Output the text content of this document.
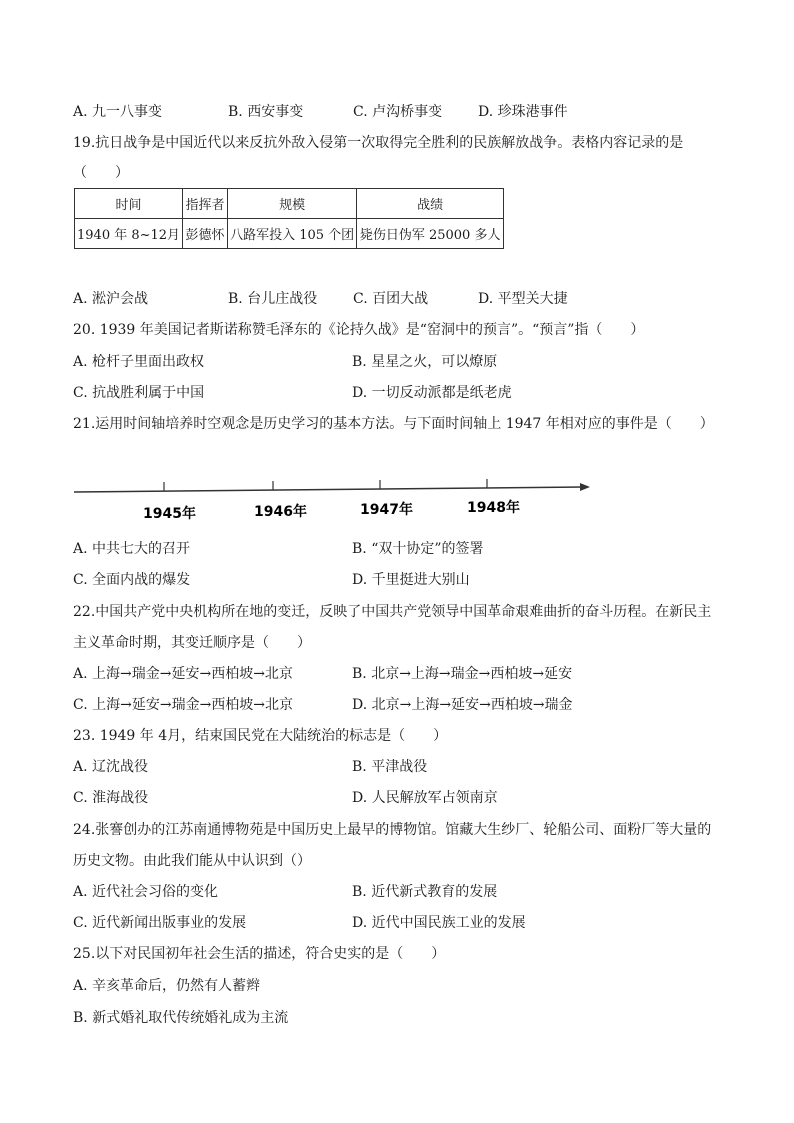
A. 九一八事变	B. 西安事变	C. 卢沟桥事变	D. 珍珠港事件
19.抗日战争是中国近代以来反抗外敌入侵第一次取得完全胜利的民族解放战争。表格内容记录的是
（　　）
时间	指挥者	规模	战绩
1940 年 8~12月	彭德怀	八路军投入 105 个团	毙伤日伪军 25000 多人
A. 淞沪会战	B. 台儿庄战役	C. 百团大战	D. 平型关大捷
20. 1939 年美国记者斯诺称赞毛泽东的《论持久战》是“窑洞中的预言”。“预言”指（　　）
A. 枪杆子里面出政权	B. 星星之火，可以燎原
C. 抗战胜利属于中国	D. 一切反动派都是纸老虎
21.运用时间轴培养时空观念是历史学习的基本方法。与下面时间轴上 1947 年相对应的事件是（　　）
1945年	1946年	1947年	1948年
A. 中共七大的召开	B. “双十协定”的签署
C. 全面内战的爆发	D. 千里挺进大别山
22.中国共产党中央机构所在地的变迁，反映了中国共产党领导中国革命艰难曲折的奋斗历程。在新民主
主义革命时期，其变迁顺序是（　　）
A. 上海→瑞金→延安→西柏坡→北京	B. 北京→上海→瑞金→西柏坡→延安
C. 上海→延安→瑞金→西柏坡→北京	D. 北京→上海→延安→西柏坡→瑞金
23. 1949 年 4月，结束国民党在大陆统治的标志是（　　）
A. 辽沈战役	B. 平津战役
C. 淮海战役	D. 人民解放军占领南京
24.张謇创办的江苏南通博物苑是中国历史上最早的博物馆。馆藏大生纱厂、轮船公司、面粉厂等大量的
历史文物。由此我们能从中认识到（）
A. 近代社会习俗的变化	B. 近代新式教育的发展
C. 近代新闻出版事业的发展	D. 近代中国民族工业的发展
25.以下对民国初年社会生活的描述，符合史实的是（　　）
A. 辛亥革命后，仍然有人蓄辫
B. 新式婚礼取代传统婚礼成为主流
